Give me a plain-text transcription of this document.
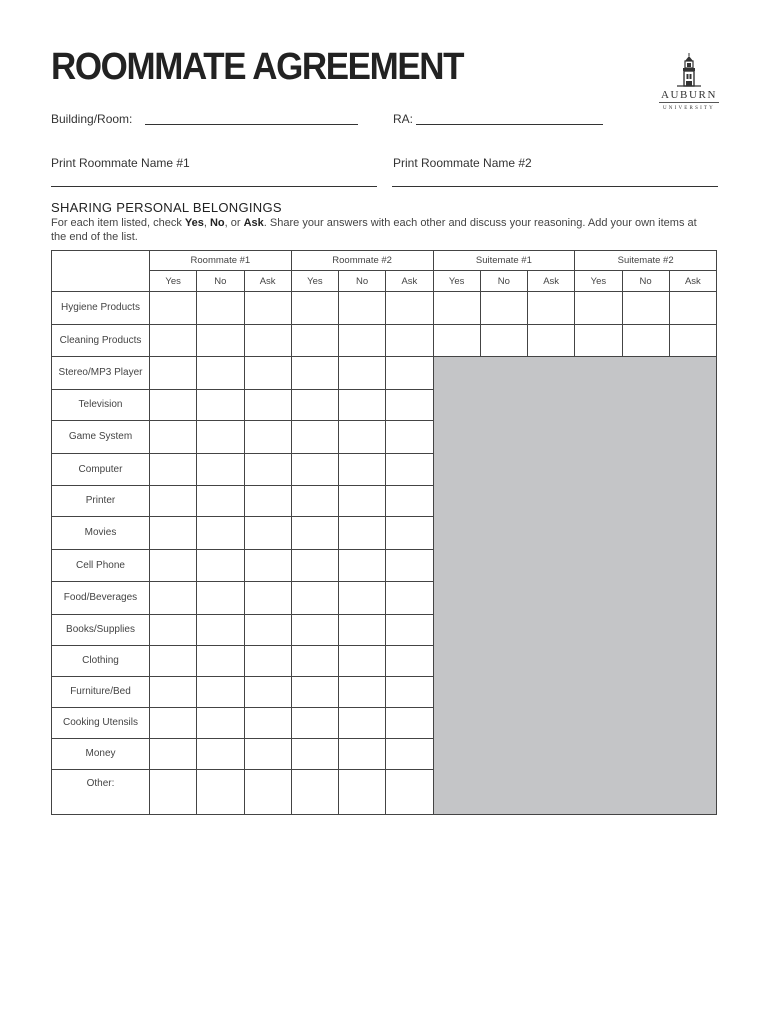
ROOMMATE AGREEMENT
AUBURN
UNIVERSITY
Building/Room:	RA:
Print Roommate Name #1	Print Roommate Name #2
SHARING PERSONAL BELONGINGS
For each item listed, check Yes, No, or Ask. Share your answers with each other and discuss your reasoning. Add your own items at the end of the list.
	Roommate #1			Roommate #2			Suitemate #1			Suitemate #2		
	Yes	No	Ask	Yes	No	Ask	Yes	No	Ask	Yes	No	Ask
Hygiene Products												
Cleaning Products												
Stereo/MP3 Player												
Television												
Game System												
Computer												
Printer												
Movies												
Cell Phone												
Food/Beverages												
Books/Supplies												
Clothing												
Furniture/Bed												
Cooking Utensils												
Money												
Other:												
